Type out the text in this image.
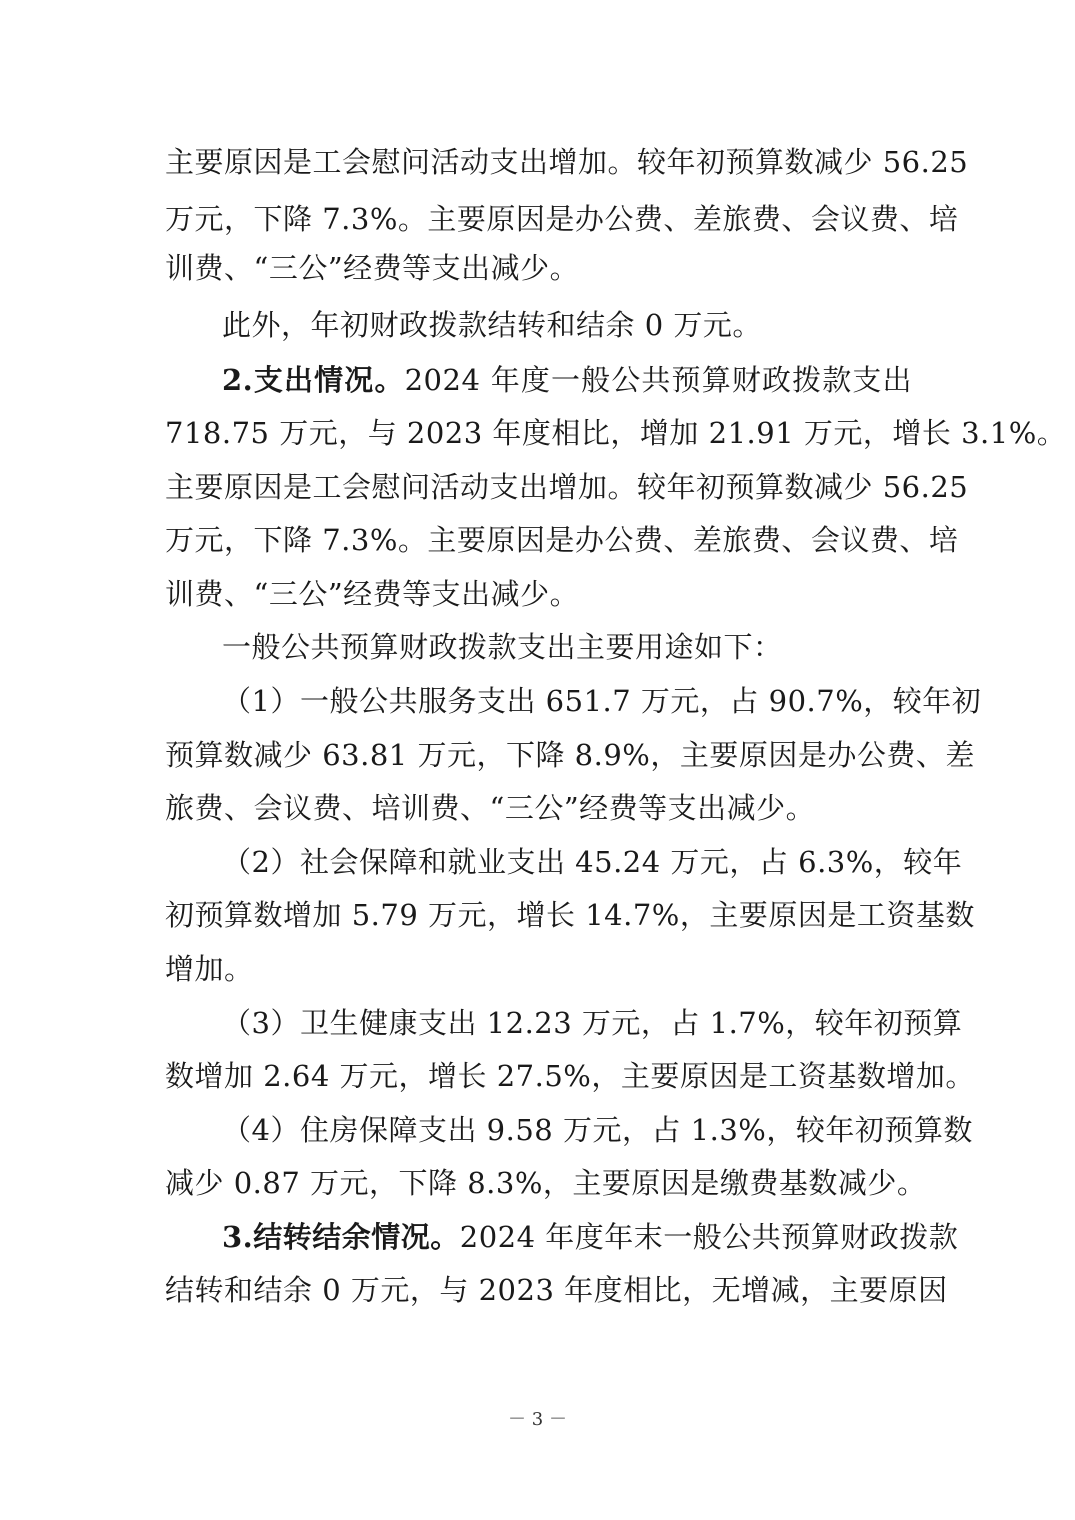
主要原因是工会慰问活动支出增加。较年初预算数减少 56.25
万元，下降 7.3%。主要原因是办公费、差旅费、会议费、培
训费、“三公”经费等支出减少。
此外，年初财政拨款结转和结余 0 万元。
2.支出情况。2024 年度一般公共预算财政拨款支出
718.75 万元，与 2023 年度相比，增加 21.91 万元，增长 3.1%。
主要原因是工会慰问活动支出增加。较年初预算数减少 56.25
万元，下降 7.3%。主要原因是办公费、差旅费、会议费、培
训费、“三公”经费等支出减少。
一般公共预算财政拨款支出主要用途如下：
（1）一般公共服务支出 651.7 万元，占 90.7%，较年初
预算数减少 63.81 万元，下降 8.9%，主要原因是办公费、差
旅费、会议费、培训费、“三公”经费等支出减少。
（2）社会保障和就业支出 45.24 万元，占 6.3%，较年
初预算数增加 5.79 万元，增长 14.7%，主要原因是工资基数
增加。
（3）卫生健康支出 12.23 万元，占 1.7%，较年初预算
数增加 2.64 万元，增长 27.5%，主要原因是工资基数增加。
（4）住房保障支出 9.58 万元，占 1.3%，较年初预算数
减少 0.87 万元，下降 8.3%，主要原因是缴费基数减少。
3.结转结余情况。2024 年度年末一般公共预算财政拨款
结转和结余 0 万元，与 2023 年度相比，无增减，主要原因
－ 3 －
